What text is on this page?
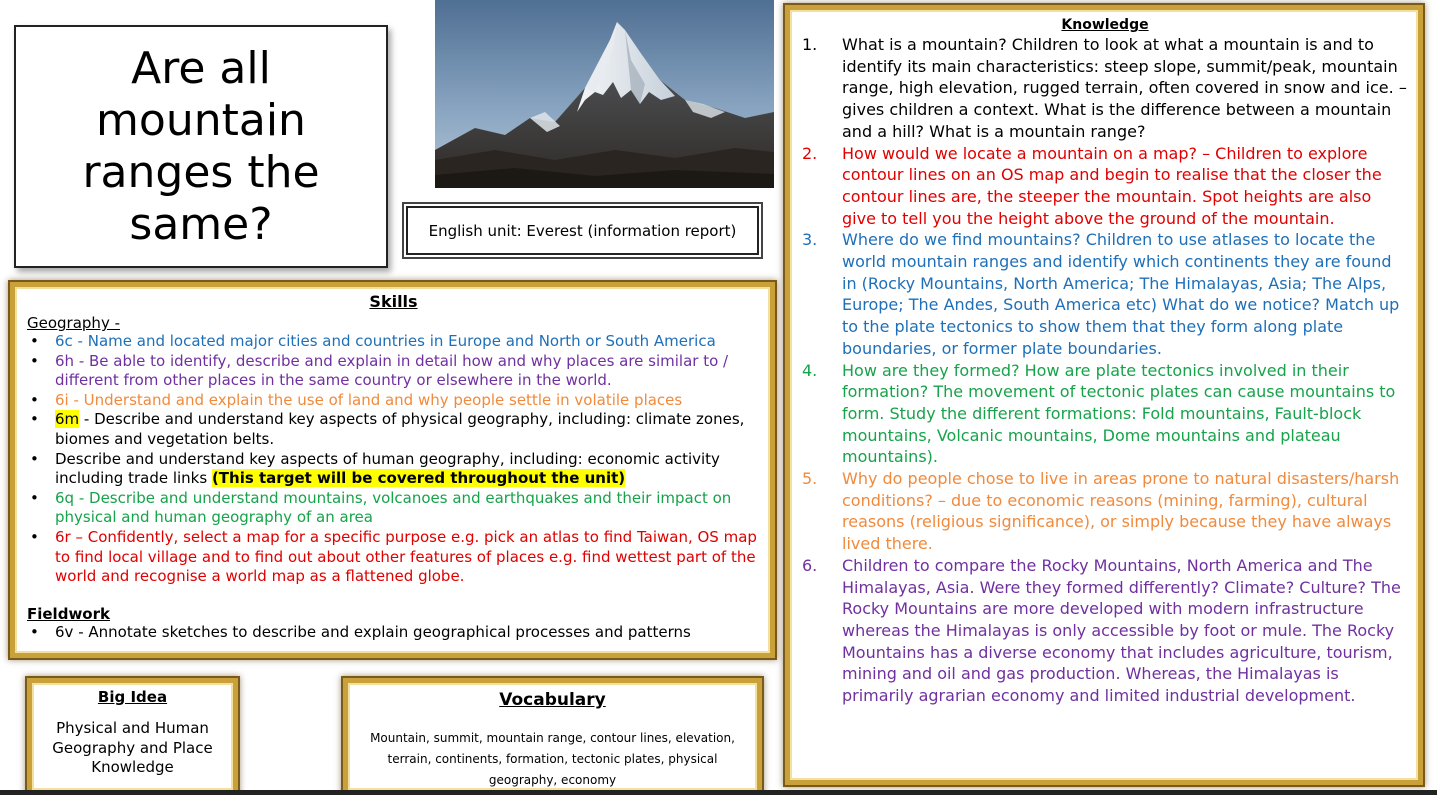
Are all mountain ranges the same?	English unit: Everest (information report)
Skills
Geography -
• 6c - Name and located major cities and countries in Europe and North or South America
• 6h - Be able to identify, describe and explain in detail how and why places are similar to / different from other places in the same country or elsewhere in the world.
• 6i - Understand and explain the use of land and why people settle in volatile places
• 6m - Describe and understand key aspects of physical geography, including: climate zones, biomes and vegetation belts.
• Describe and understand key aspects of human geography, including: economic activity including trade links (This target will be covered throughout the unit)
• 6q - Describe and understand mountains, volcanoes and earthquakes and their impact on physical and human geography of an area
• 6r – Confidently, select a map for a specific purpose e.g. pick an atlas to find Taiwan, OS map to find local village and to find out about other features of places e.g. find wettest part of the world and recognise a world map as a flattened globe.
Fieldwork
• 6v - Annotate sketches to describe and explain geographical processes and patterns
Big Idea

Physical and Human Geography and Place Knowledge

Vocabulary

Mountain, summit, mountain range, contour lines, elevation, terrain, continents, formation, tectonic plates, physical geography, economy

Knowledge
1. What is a mountain? Children to look at what a mountain is and to identify its main characteristics: steep slope, summit/peak, mountain range, high elevation, rugged terrain, often covered in snow and ice. – gives children a context. What is the difference between a mountain and a hill? What is a mountain range?
2. How would we locate a mountain on a map? – Children to explore contour lines on an OS map and begin to realise that the closer the contour lines are, the steeper the mountain. Spot heights are also give to tell you the height above the ground of the mountain.
3. Where do we find mountains? Children to use atlases to locate the world mountain ranges and identify which continents they are found in (Rocky Mountains, North America; The Himalayas, Asia; The Alps, Europe; The Andes, South America etc) What do we notice? Match up to the plate tectonics to show them that they form along plate boundaries, or former plate boundaries.
4. How are they formed? How are plate tectonics involved in their formation? The movement of tectonic plates can cause mountains to form. Study the different formations: Fold mountains, Fault-block mountains, Volcanic mountains, Dome mountains and plateau mountains).
5. Why do people chose to live in areas prone to natural disasters/harsh conditions? – due to economic reasons (mining, farming), cultural reasons (religious significance), or simply because they have always lived there.
6. Children to compare the Rocky Mountains, North America and The Himalayas, Asia. Were they formed differently? Climate? Culture? The Rocky Mountains are more developed with modern infrastructure whereas the Himalayas is only accessible by foot or mule. The Rocky Mountains has a diverse economy that includes agriculture, tourism, mining and oil and gas production. Whereas, the Himalayas is primarily agrarian economy and limited industrial development.
